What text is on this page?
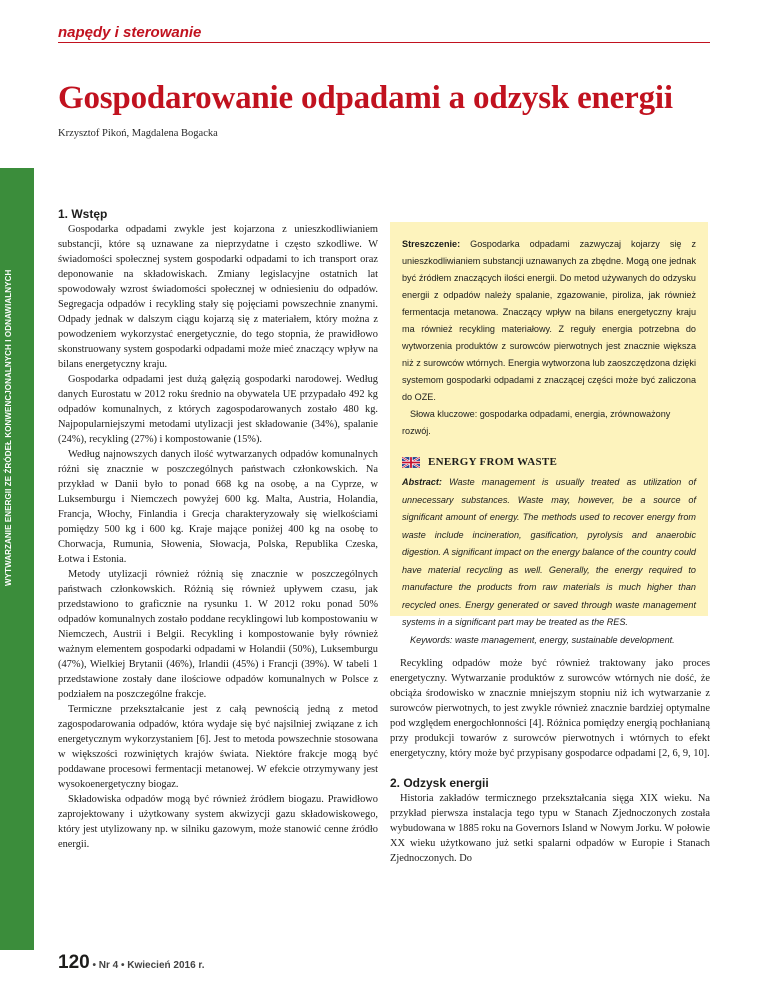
napędy i sterowanie
Gospodarowanie odpadami a odzysk energii
Krzysztof Pikoń, Magdalena Bogacka
1. Wstęp

Gospodarka odpadami zwykle jest kojarzona z unieszkodliwianiem substancji, które są uznawane za nieprzydatne i często szkodliwe. W świadomości społecznej system gospodarki odpadami to ich transport oraz deponowanie na składowiskach. Zmiany legislacyjne ostatnich lat spowodowały wzrost świadomości społecznej w odniesieniu do odpadów. Segregacja odpadów i recykling stały się pojęciami powszechnie znanymi. Odpady jednak w dalszym ciągu kojarzą się z materiałem, który można z powodzeniem wykorzystać energetycznie, do tego stopnia, że prawidłowo skonstruowany system gospodarki odpadami może mieć znaczący wpływ na bilans energetyczny kraju.

Gospodarka odpadami jest dużą gałęzią gospodarki narodowej. Według danych Eurostatu w 2012 roku średnio na obywatela UE przypadało 492 kg odpadów komunalnych, z których zagospodarowanych zostało 480 kg. Najpopularniejszymi metodami utylizacji jest składowanie (34%), spalanie (24%), recykling (27%) i kompostowanie (15%).

Według najnowszych danych ilość wytwarzanych odpadów komunalnych różni się znacznie w poszczególnych państwach członkowskich. Na przykład w Danii było to ponad 668 kg na osobę, a na Cyprze, w Luksemburgu i Niemczech powyżej 600 kg. Malta, Austria, Holandia, Francja, Włochy, Finlandia i Grecja charakteryzowały się wielkościami pomiędzy 500 kg i 600 kg. Kraje mające poniżej 400 kg na osobę to Chorwacja, Rumunia, Słowenia, Słowacja, Polska, Republika Czeska, Łotwa i Estonia.

Metody utylizacji również różnią się znacznie w poszczególnych państwach członkowskich. Różnią się również upływem czasu, jak przedstawiono to graficznie na rysunku 1. W 2012 roku ponad 50% odpadów komunalnych zostało poddane recyklingowi lub kompostowaniu w Niemczech, Austrii i Belgii. Recykling i kompostowanie były również ważnym elementem gospodarki odpadami w Holandii (50%), Luksemburgu (47%), Wielkiej Brytanii (46%), Irlandii (45%) i Francji (39%). W tabeli 1 przedstawione zostały dane ilościowe odpadów komunalnych w Polsce z podziałem na poszczególne frakcje.

Termiczne przekształcanie jest z całą pewnością jedną z metod zagospodarowania odpadów, która wydaje się być najsilniej związane z ich energetycznym wykorzystaniem [6]. Jest to metoda powszechnie stosowana w większości rozwiniętych krajów świata. Niektóre frakcje mogą być poddawane procesowi fermentacji metanowej. W efekcie otrzymywany jest wysokoenergetyczny biogaz.

Składowiska odpadów mogą być również źródłem biogazu. Prawidłowo zaprojektowany i użytkowany system akwizycji gazu składowiskowego, który jest utylizowany np. w silniku gazowym, może stanowić cenne źródło energii.

Streszczenie: Gospodarka odpadami zazwyczaj kojarzy się z unieszkodliwianiem substancji uznawanych za zbędne. Mogą one jednak być źródłem znaczących ilości energii. Do metod używanych do odzysku energii z odpadów należy spalanie, zgazowanie, piroliza, jak również fermentacja metanowa. Znaczący wpływ na bilans energetyczny kraju ma również recykling materiałowy. Z reguły energia potrzebna do wytworzenia produktów z surowców pierwotnych jest znacznie większa niż z surowców wtórnych. Energia wytworzona lub zaoszczędzona dzięki systemom gospodarki odpadami z znaczącej części może być zaliczona do OZE.

Słowa kluczowe: gospodarka odpadami, energia, zrównoważony rozwój.

ENERGY FROM WASTE

Abstract: Waste management is usually treated as utilization of unnecessary substances. Waste may, however, be a source of significant amount of energy. The methods used to recover energy from waste include incineration, gasification, pyrolysis and anaerobic digestion. A significant impact on the energy balance of the country could have material recycling as well. Generally, the energy required to manufacture the products from raw materials is much higher than recycled ones. Energy generated or saved through waste management systems in a significant part may be treated as the RES.

Keywords: waste management, energy, sustainable development.

Recykling odpadów może być również traktowany jako proces energetyczny. Wytwarzanie produktów z surowców wtórnych nie dość, że obciąża środowisko w znacznie mniejszym stopniu niż ich wytwarzanie z surowców pierwotnych, to jest zwykle również znacznie bardziej optymalne pod względem energochłonności [4]. Różnica pomiędzy energią pochłanianą przy produkcji towarów z surowców pierwotnych i wtórnych to efekt energetyczny, który może być przypisany gospodarce odpadami [2, 6, 9, 10].

2. Odzysk energii

Historia zakładów termicznego przekształcania sięga XIX wieku. Na przykład pierwsza instalacja tego typu w Stanach Zjednoczonych została wybudowana w 1885 roku na Governors Island w Nowym Jorku. W połowie XX wieku użytkowano już setki spalarni odpadów w Europie i Stanach Zjednoczonych. Do

120 • Nr 4 • Kwiecień 2016 r.
